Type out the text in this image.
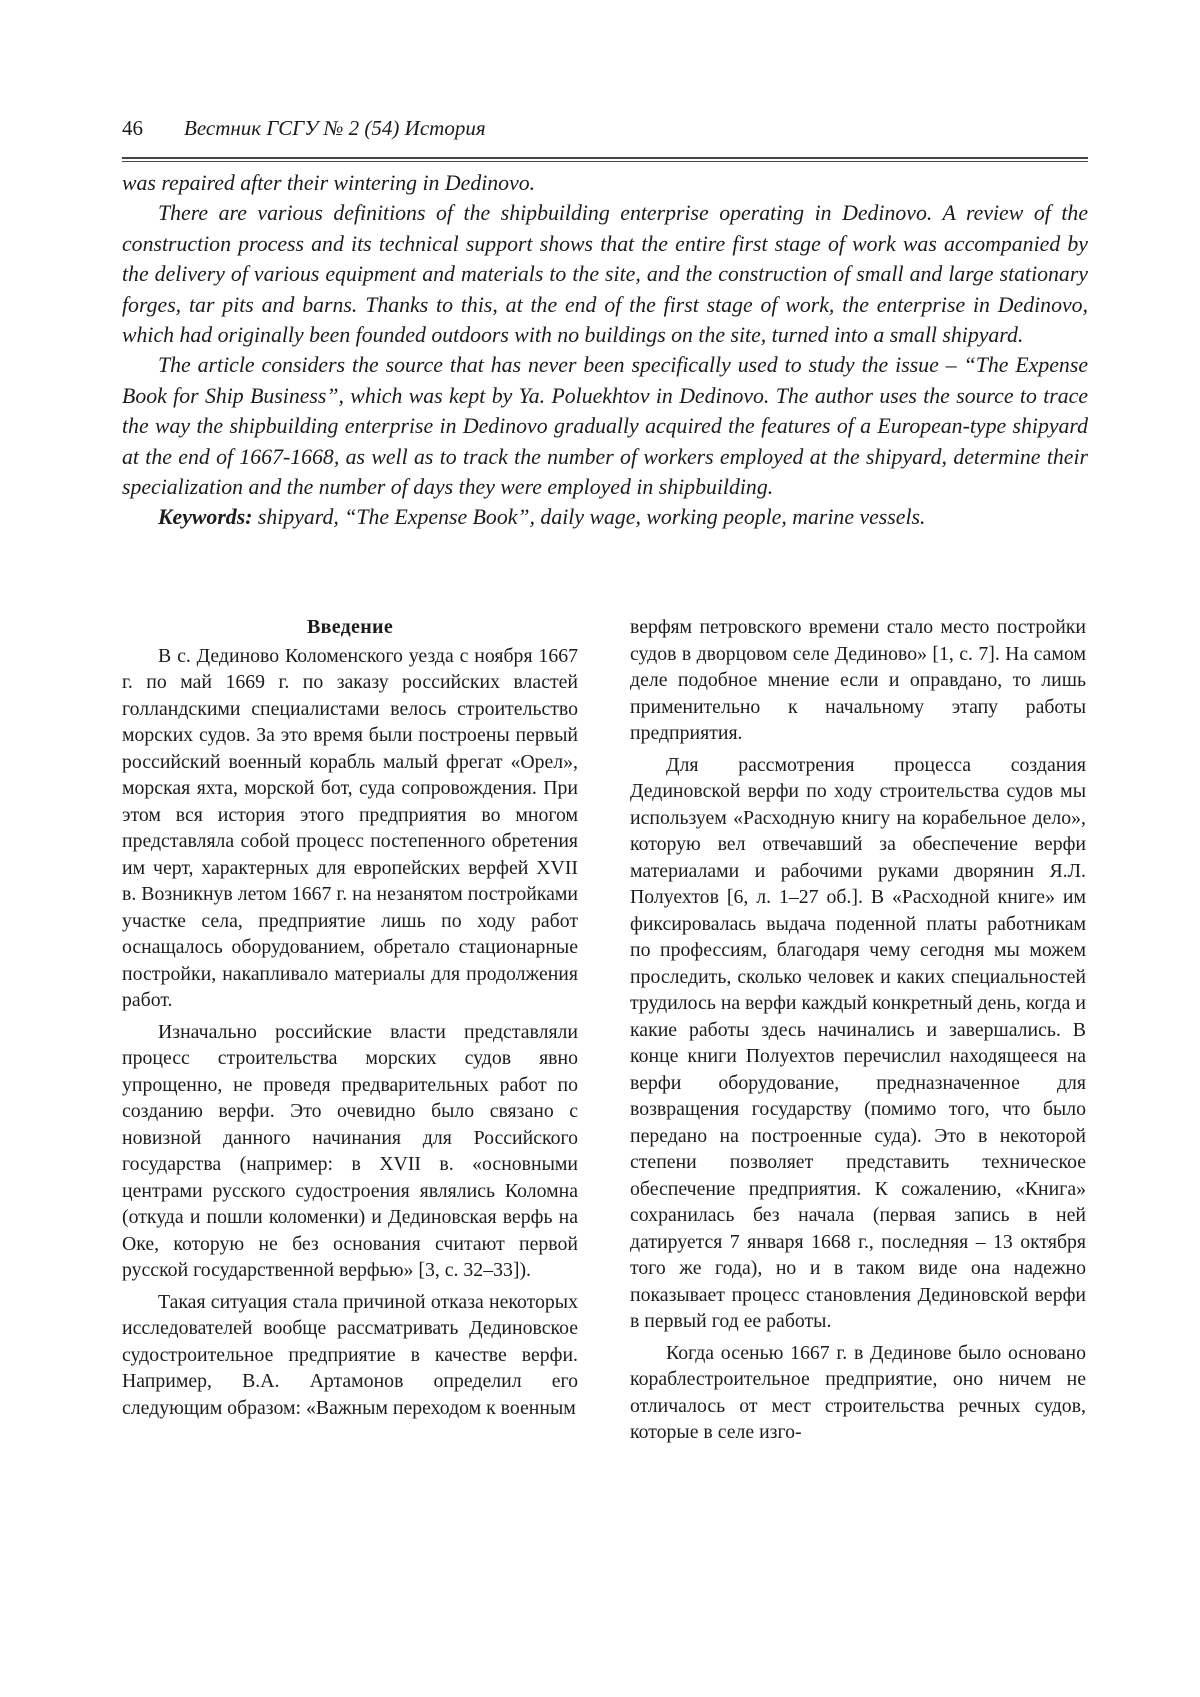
46 Вестник ГСГУ № 2 (54) История

was repaired after their wintering in Dedinovo.

There are various definitions of the shipbuilding enterprise operating in Dedinovo. A review of the construction process and its technical support shows that the entire first stage of work was accompanied by the delivery of various equipment and materials to the site, and the construction of small and large stationary forges, tar pits and barns. Thanks to this, at the end of the first stage of work, the enterprise in Dedinovo, which had originally been founded outdoors with no buildings on the site, turned into a small shipyard.

The article considers the source that has never been specifically used to study the issue – “The Expense Book for Ship Business”, which was kept by Ya. Poluekhtov in Dedinovo. The author uses the source to trace the way the shipbuilding enterprise in Dedinovo gradually acquired the features of a European-type shipyard at the end of 1667-1668, as well as to track the number of workers employed at the shipyard, determine their specialization and the number of days they were employed in shipbuilding.

Keywords: shipyard, “The Expense Book”, daily wage, working people, marine vessels.

Введение

В с. Дединово Коломенского уезда с ноября 1667 г. по май 1669 г. по заказу российских властей голландскими специалистами велось строительство морских судов. За это время были построены первый российский военный корабль малый фрегат «Орел», морская яхта, морской бот, суда сопровождения. При этом вся история этого предприятия во многом представляла собой процесс постепенного обретения им черт, характерных для европейских верфей XVII в. Возникнув летом 1667 г. на незанятом постройками участке села, предприятие лишь по ходу работ оснащалось оборудованием, обретало стационарные постройки, накапливало материалы для продолжения работ.

Изначально российские власти представляли процесс строительства морских судов явно упрощенно, не проведя предварительных работ по созданию верфи. Это очевидно было связано с новизной данного начинания для Российского государства (например: в XVII в. «основными центрами русского судостроения являлись Коломна (откуда и пошли коломенки) и Дединовская верфь на Оке, которую не без основания считают первой русской государственной верфью» [3, с. 32–33]).

Такая ситуация стала причиной отказа некоторых исследователей вообще рассматривать Дединовское судостроительное предприятие в качестве верфи. Например, В.А. Артамонов определил его следующим образом: «Важным переходом к военным

верфям петровского времени стало место постройки судов в дворцовом селе Дединово» [1, с. 7]. На самом деле подобное мнение если и оправдано, то лишь применительно к начальному этапу работы предприятия.

Для рассмотрения процесса создания Дединовской верфи по ходу строительства судов мы используем «Расходную книгу на корабельное дело», которую вел отвечавший за обеспечение верфи материалами и рабочими руками дворянин Я.Л. Полуехтов [6, л. 1–27 об.]. В «Расходной книге» им фиксировалась выдача поденной платы работникам по профессиям, благодаря чему сегодня мы можем проследить, сколько человек и каких специальностей трудилось на верфи каждый конкретный день, когда и какие работы здесь начинались и завершались. В конце книги Полуехтов перечислил находящееся на верфи оборудование, предназначенное для возвращения государству (помимо того, что было передано на построенные суда). Это в некоторой степени позволяет представить техническое обеспечение предприятия. К сожалению, «Книга» сохранилась без начала (первая запись в ней датируется 7 января 1668 г., последняя – 13 октября того же года), но и в таком виде она надежно показывает процесс становления Дединовской верфи в первый год ее работы.

Когда осенью 1667 г. в Дединове было основано кораблестроительное предприятие, оно ничем не отличалось от мест строительства речных судов, которые в селе изго-
